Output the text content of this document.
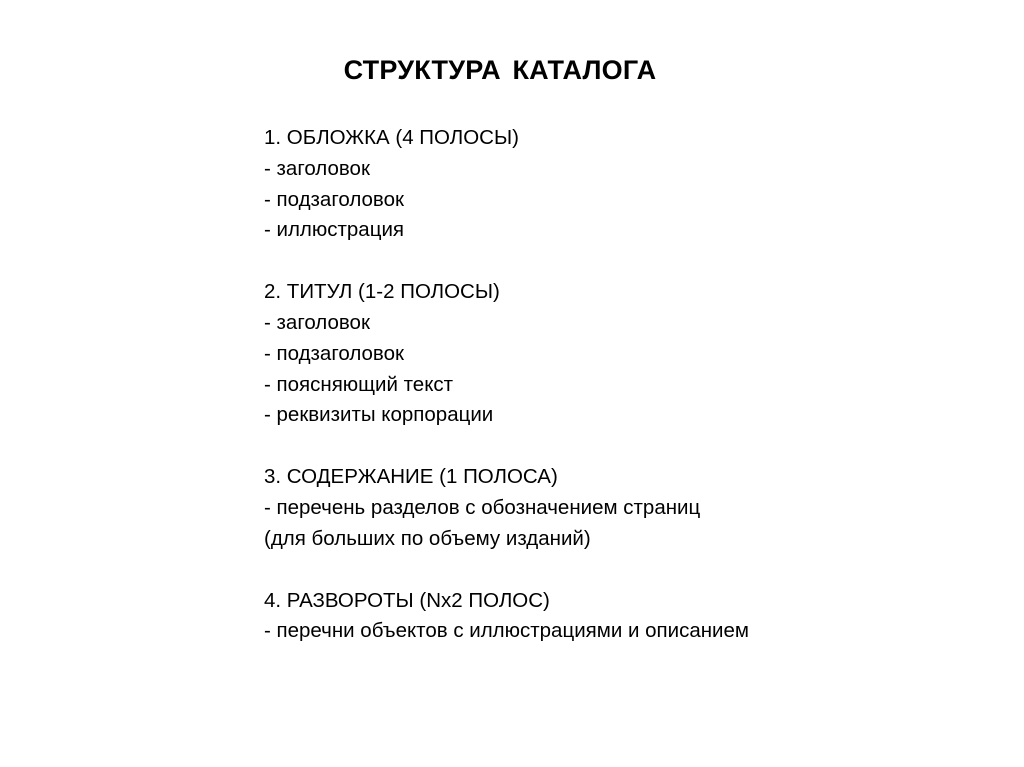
СТРУКТУРА КАТАЛОГА
1. ОБЛОЖКА (4 ПОЛОСЫ)
- заголовок
- подзаголовок
- иллюстрация
2. ТИТУЛ (1-2 ПОЛОСЫ)
- заголовок
- подзаголовок
- поясняющий текст
- реквизиты корпорации
3. СОДЕРЖАНИЕ (1 ПОЛОСА)
- перечень разделов с обозначением страниц
(для больших по объему изданий)
4. РАЗВОРОТЫ (Nx2 ПОЛОС)
- перечни объектов с иллюстрациями и описанием
